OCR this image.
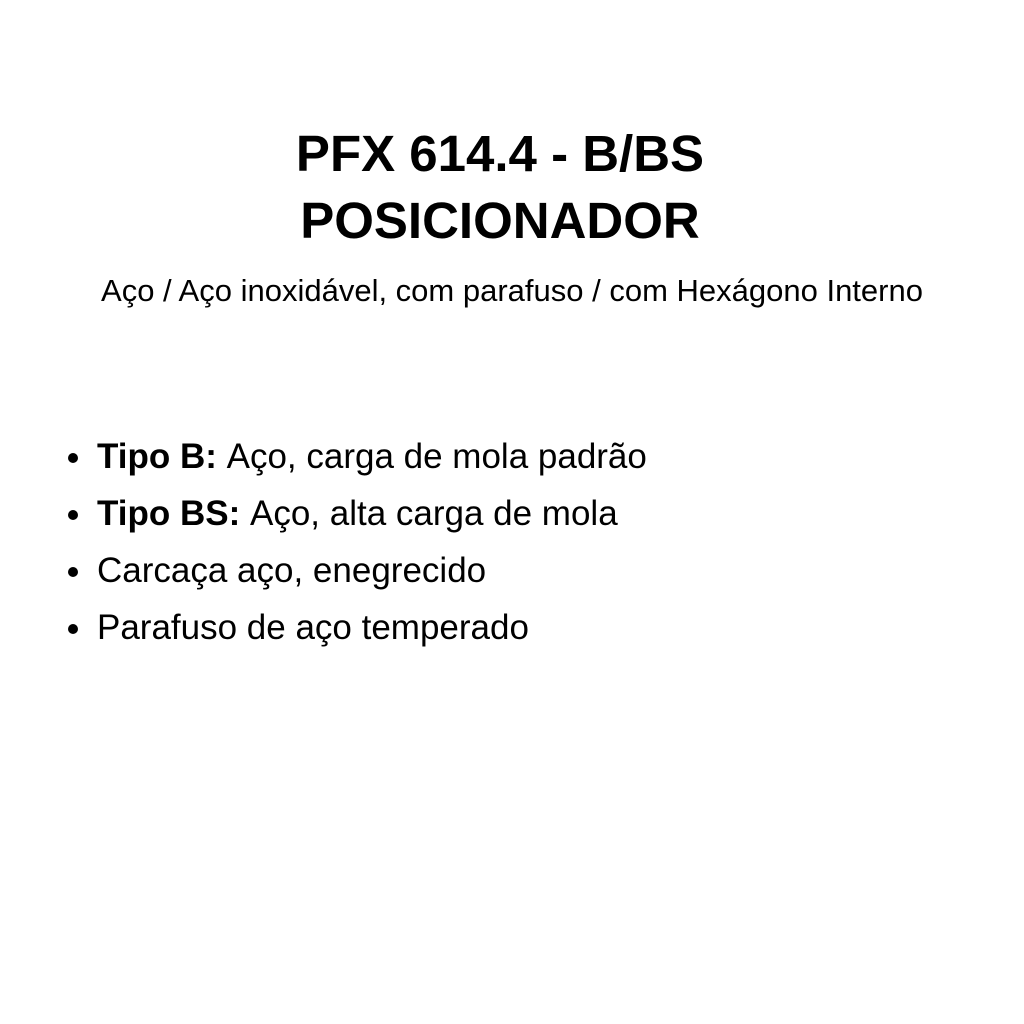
PFX 614.4 - B/BS
POSICIONADOR
Aço / Aço inoxidável, com parafuso / com Hexágono Interno
Tipo B: Aço, carga de mola padrão
Tipo BS: Aço, alta carga de mola
Carcaça aço, enegrecido
Parafuso de aço temperado
